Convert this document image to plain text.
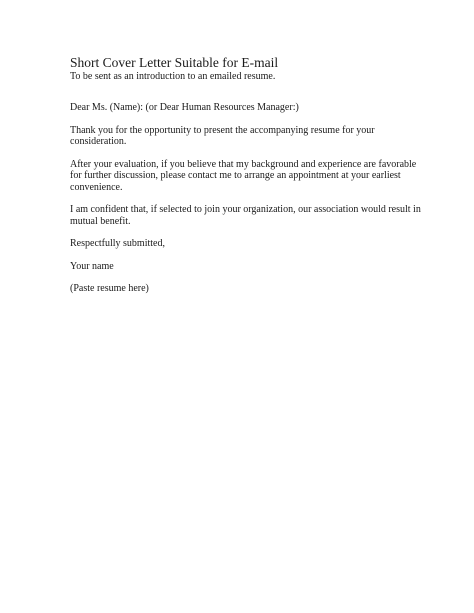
Short Cover Letter Suitable for E-mail
To be sent as an introduction to an emailed resume.
Dear Ms. (Name): (or Dear Human Resources Manager:)
Thank you for the opportunity to present the accompanying resume for your
consideration.
After your evaluation, if you believe that my background and experience are favorable
for further discussion, please contact me to arrange an appointment at your earliest
convenience.
I am confident that, if selected to join your organization, our association would result in
mutual benefit.
Respectfully submitted,
Your name
(Paste resume here)
